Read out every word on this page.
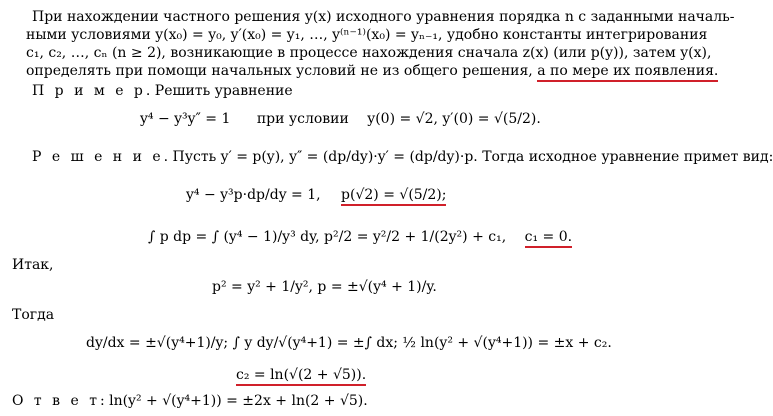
При нахождении частного решения y(x) исходного уравнения порядка n с заданными началь-
ными условиями y(x₀) = y₀, y′(x₀) = y₁, …, y⁽ⁿ⁻¹⁾(x₀) = yₙ₋₁, удобно константы интегрирования
c₁, c₂, …, cₙ (n ≥ 2), возникающие в процессе нахождения сначала z(x) (или p(y)), затем y(x),
определять при помощи начальных условий не из общего решения, а по мере их появления.
П р и м е р. Решить уравнение
y⁴ − y³y″ = 1 при условии y(0) = √2, y′(0) = √(5/2).
Р е ш е н и е. Пусть y′ = p(y), y″ = (dp/dy)·y′ = (dp/dy)·p. Тогда исходное уравнение примет вид:
y⁴ − y³p·dp/dy = 1, p(√2) = √(5/2);
∫ p dp = ∫ (y⁴ − 1)/y³ dy, p²/2 = y²/2 + 1/(2y²) + c₁, c₁ = 0.
Итак,
p² = y² + 1/y², p = ±√(y⁴ + 1)/y.
Тогда
dy/dx = ±√(y⁴+1)/y; ∫ y dy/√(y⁴+1) = ±∫ dx; ½ ln(y² + √(y⁴+1)) = ±x + c₂.
c₂ = ln(√(2 + √5)).
О т в е т: ln(y² + √(y⁴+1)) = ±2x + ln(2 + √5).
